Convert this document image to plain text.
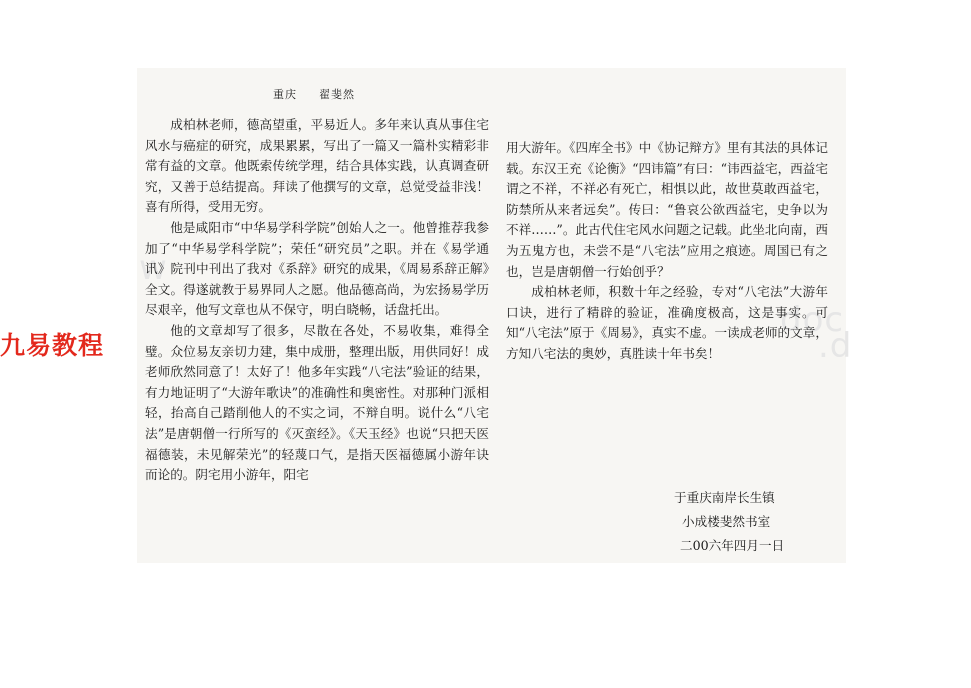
w
doc
.d
重庆 翟斐然

成柏林老师，德高望重，平易近人。多年来认真从事住宅风水与癌症的研究，成果累累，写出了一篇又一篇朴实精彩非常有益的文章。他既索传统学理，结合具体实践，认真调查研究，又善于总结提高。拜读了他撰写的文章，总觉受益非浅！喜有所得，受用无穷。

他是咸阳市“中华易学科学院”创始人之一。他曾推荐我参加了“中华易学科学院”；荣任“研究员”之职。并在《易学通讯》院刊中刊出了我对《系辞》研究的成果，《周易系辞正解》全文。得遂就教于易界同人之愿。他品德高尚，为宏扬易学历尽艰辛，他写文章也从不保守，明白晓畅，话盘托出。

他的文章却写了很多，尽散在各处，不易收集，难得全璧。众位易友亲切力建，集中成册，整理出版，用供同好！成老师欣然同意了！太好了！他多年实践“八宅法”验证的结果，有力地证明了“大游年歌诀”的准确性和奥密性。对那种门派相轻，抬高自己踏削他人的不实之词，不辩自明。说什么“八宅法”是唐朝僧一行所写的《灭蛮经》。《天玉经》也说“只把天医福德装，未见解荣光”的轻蔑口气，是指天医福德属小游年诀而论的。阴宅用小游年，阳宅

用大游年。《四库全书》中《协记辩方》里有其法的具体记载。东汉王充《论衡》“四讳篇”有曰：“讳西益宅，西益宅谓之不祥，不祥必有死亡，相惧以此，故世莫敢西益宅，防禁所从来者远矣”。传曰：“鲁哀公欲西益宅，史争以为不祥……”。此古代住宅风水问题之记载。此坐北向南，西为五鬼方也，未尝不是“八宅法”应用之痕迹。周国已有之也，岂是唐朝僧一行始创乎？

成柏林老师，积数十年之经验，专对“八宅法”大游年口诀，进行了精辟的验证，准确度极高，这是事实。可知“八宅法”原于《周易》，真实不虚。一读成老师的文章，方知八宅法的奥妙，真胜读十年书矣！

于重庆南岸长生镇
小成楼斐然书室
二00六年四月一日
九易教程
